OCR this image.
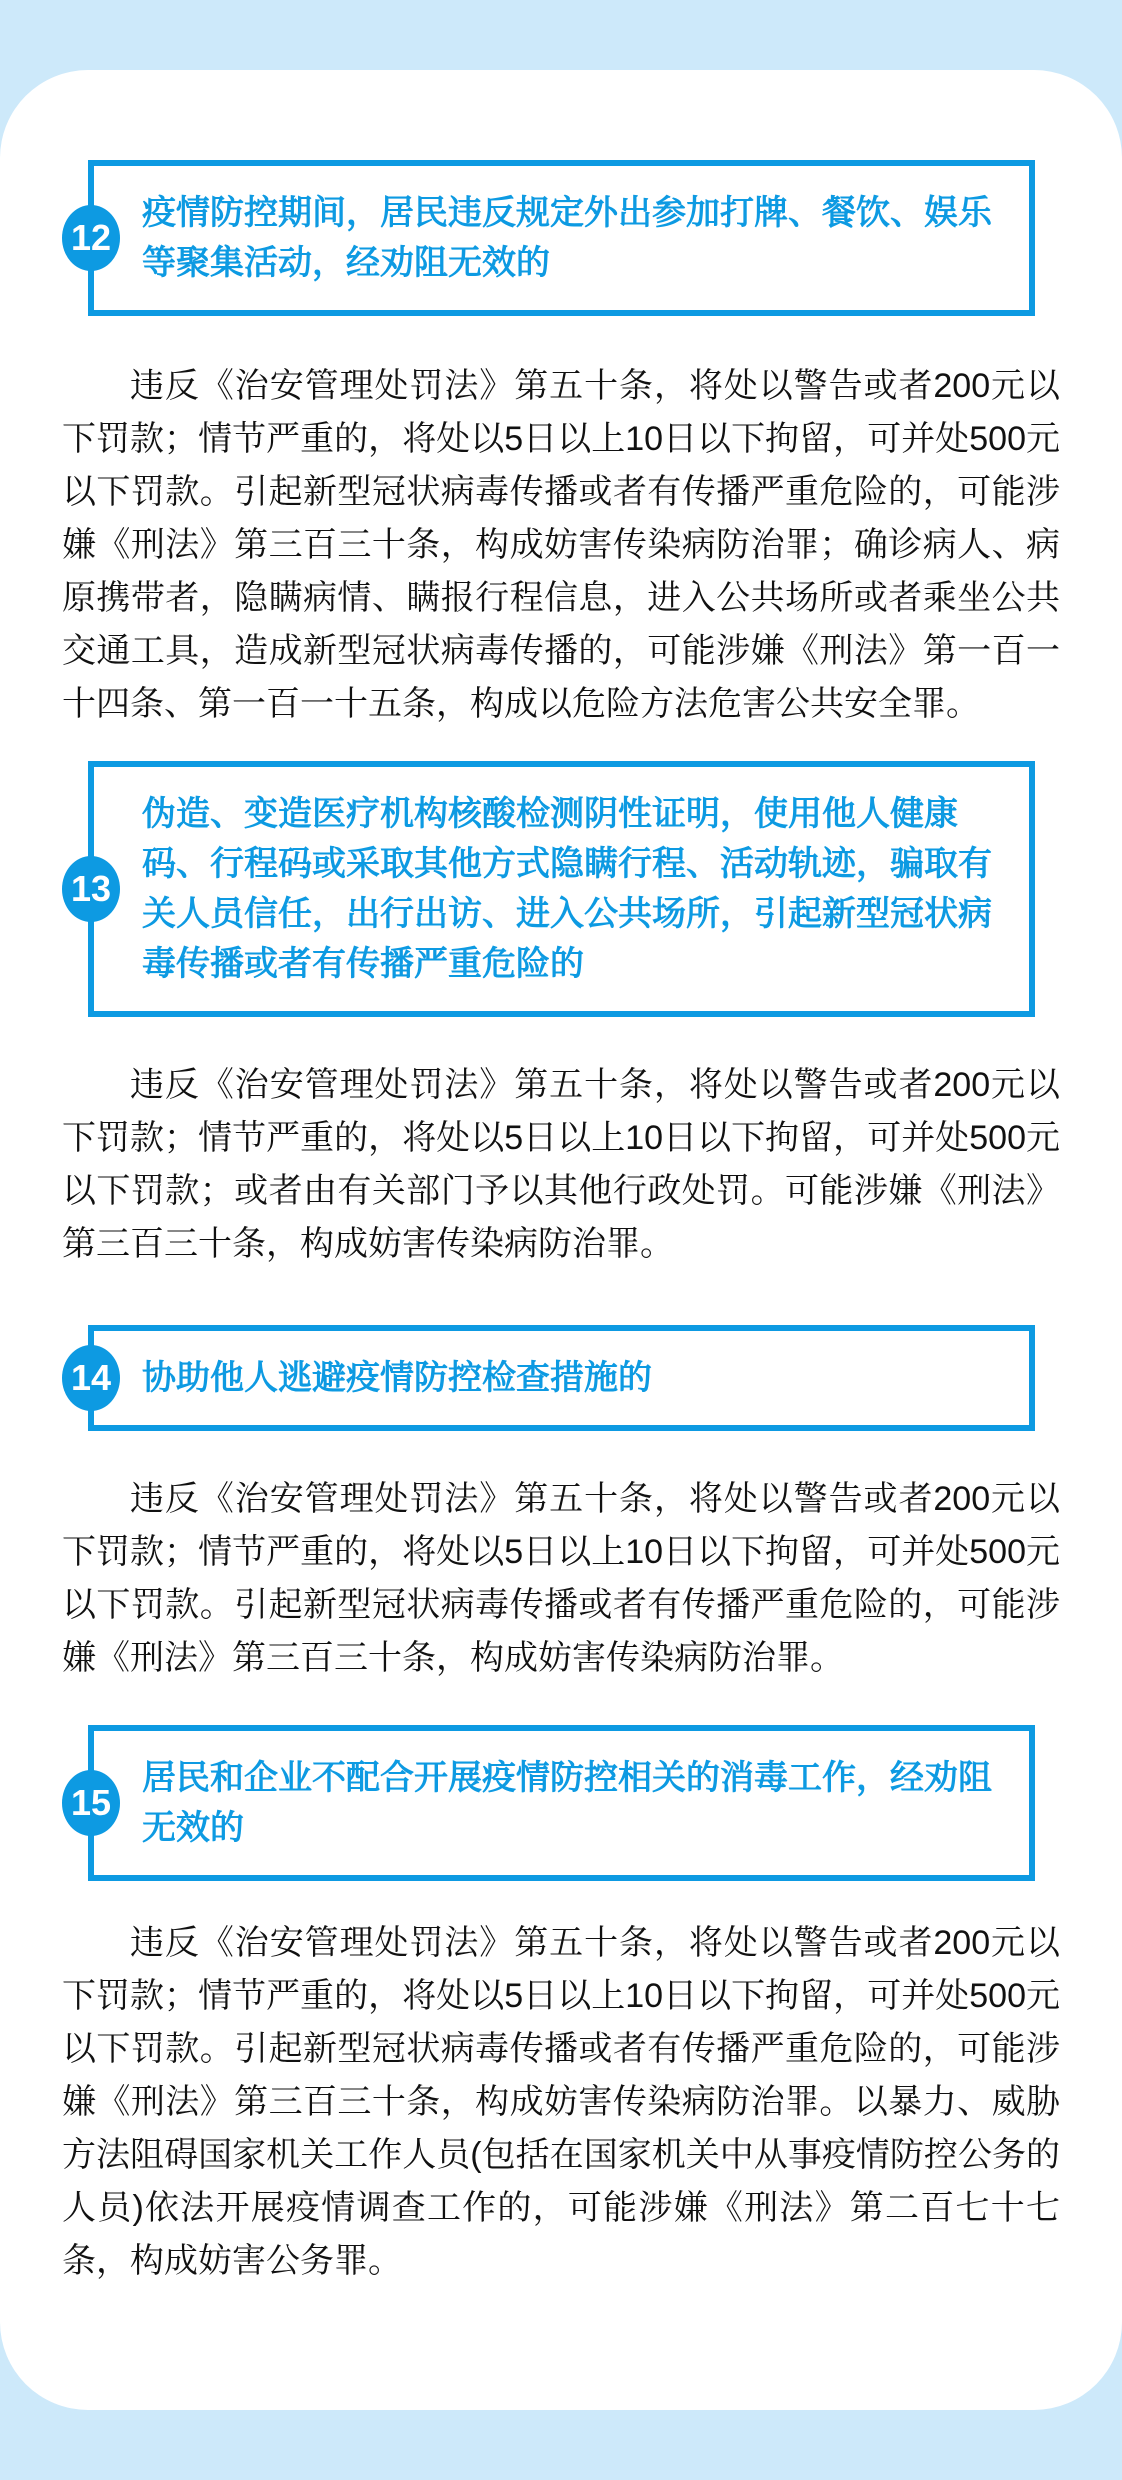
12
疫情防控期间，居民违反规定外出参加打牌、餐饮、娱乐等聚集活动，经劝阻无效的

违反《治安管理处罚法》第五十条，将处以警告或者200元以下罚款；情节严重的，将处以5日以上10日以下拘留，可并处500元以下罚款。引起新型冠状病毒传播或者有传播严重危险的，可能涉嫌《刑法》第三百三十条，构成妨害传染病防治罪；确诊病人、病原携带者，隐瞒病情、瞒报行程信息，进入公共场所或者乘坐公共交通工具，造成新型冠状病毒传播的，可能涉嫌《刑法》第一百一十四条、第一百一十五条，构成以危险方法危害公共安全罪。

13
伪造、变造医疗机构核酸检测阴性证明，使用他人健康码、行程码或采取其他方式隐瞒行程、活动轨迹，骗取有关人员信任，出行出访、进入公共场所，引起新型冠状病毒传播或者有传播严重危险的

违反《治安管理处罚法》第五十条，将处以警告或者200元以下罚款；情节严重的，将处以5日以上10日以下拘留，可并处500元以下罚款；或者由有关部门予以其他行政处罚。可能涉嫌《刑法》第三百三十条，构成妨害传染病防治罪。

14 协助他人逃避疫情防控检查措施的

违反《治安管理处罚法》第五十条，将处以警告或者200元以下罚款；情节严重的，将处以5日以上10日以下拘留，可并处500元以下罚款。引起新型冠状病毒传播或者有传播严重危险的，可能涉嫌《刑法》第三百三十条，构成妨害传染病防治罪。

15
居民和企业不配合开展疫情防控相关的消毒工作，经劝阻无效的

违反《治安管理处罚法》第五十条，将处以警告或者200元以下罚款；情节严重的，将处以5日以上10日以下拘留，可并处500元以下罚款。引起新型冠状病毒传播或者有传播严重危险的，可能涉嫌《刑法》第三百三十条，构成妨害传染病防治罪。以暴力、威胁方法阻碍国家机关工作人员(包括在国家机关中从事疫情防控公务的人员)依法开展疫情调查工作的，可能涉嫌《刑法》第二百七十七条，构成妨害公务罪。
